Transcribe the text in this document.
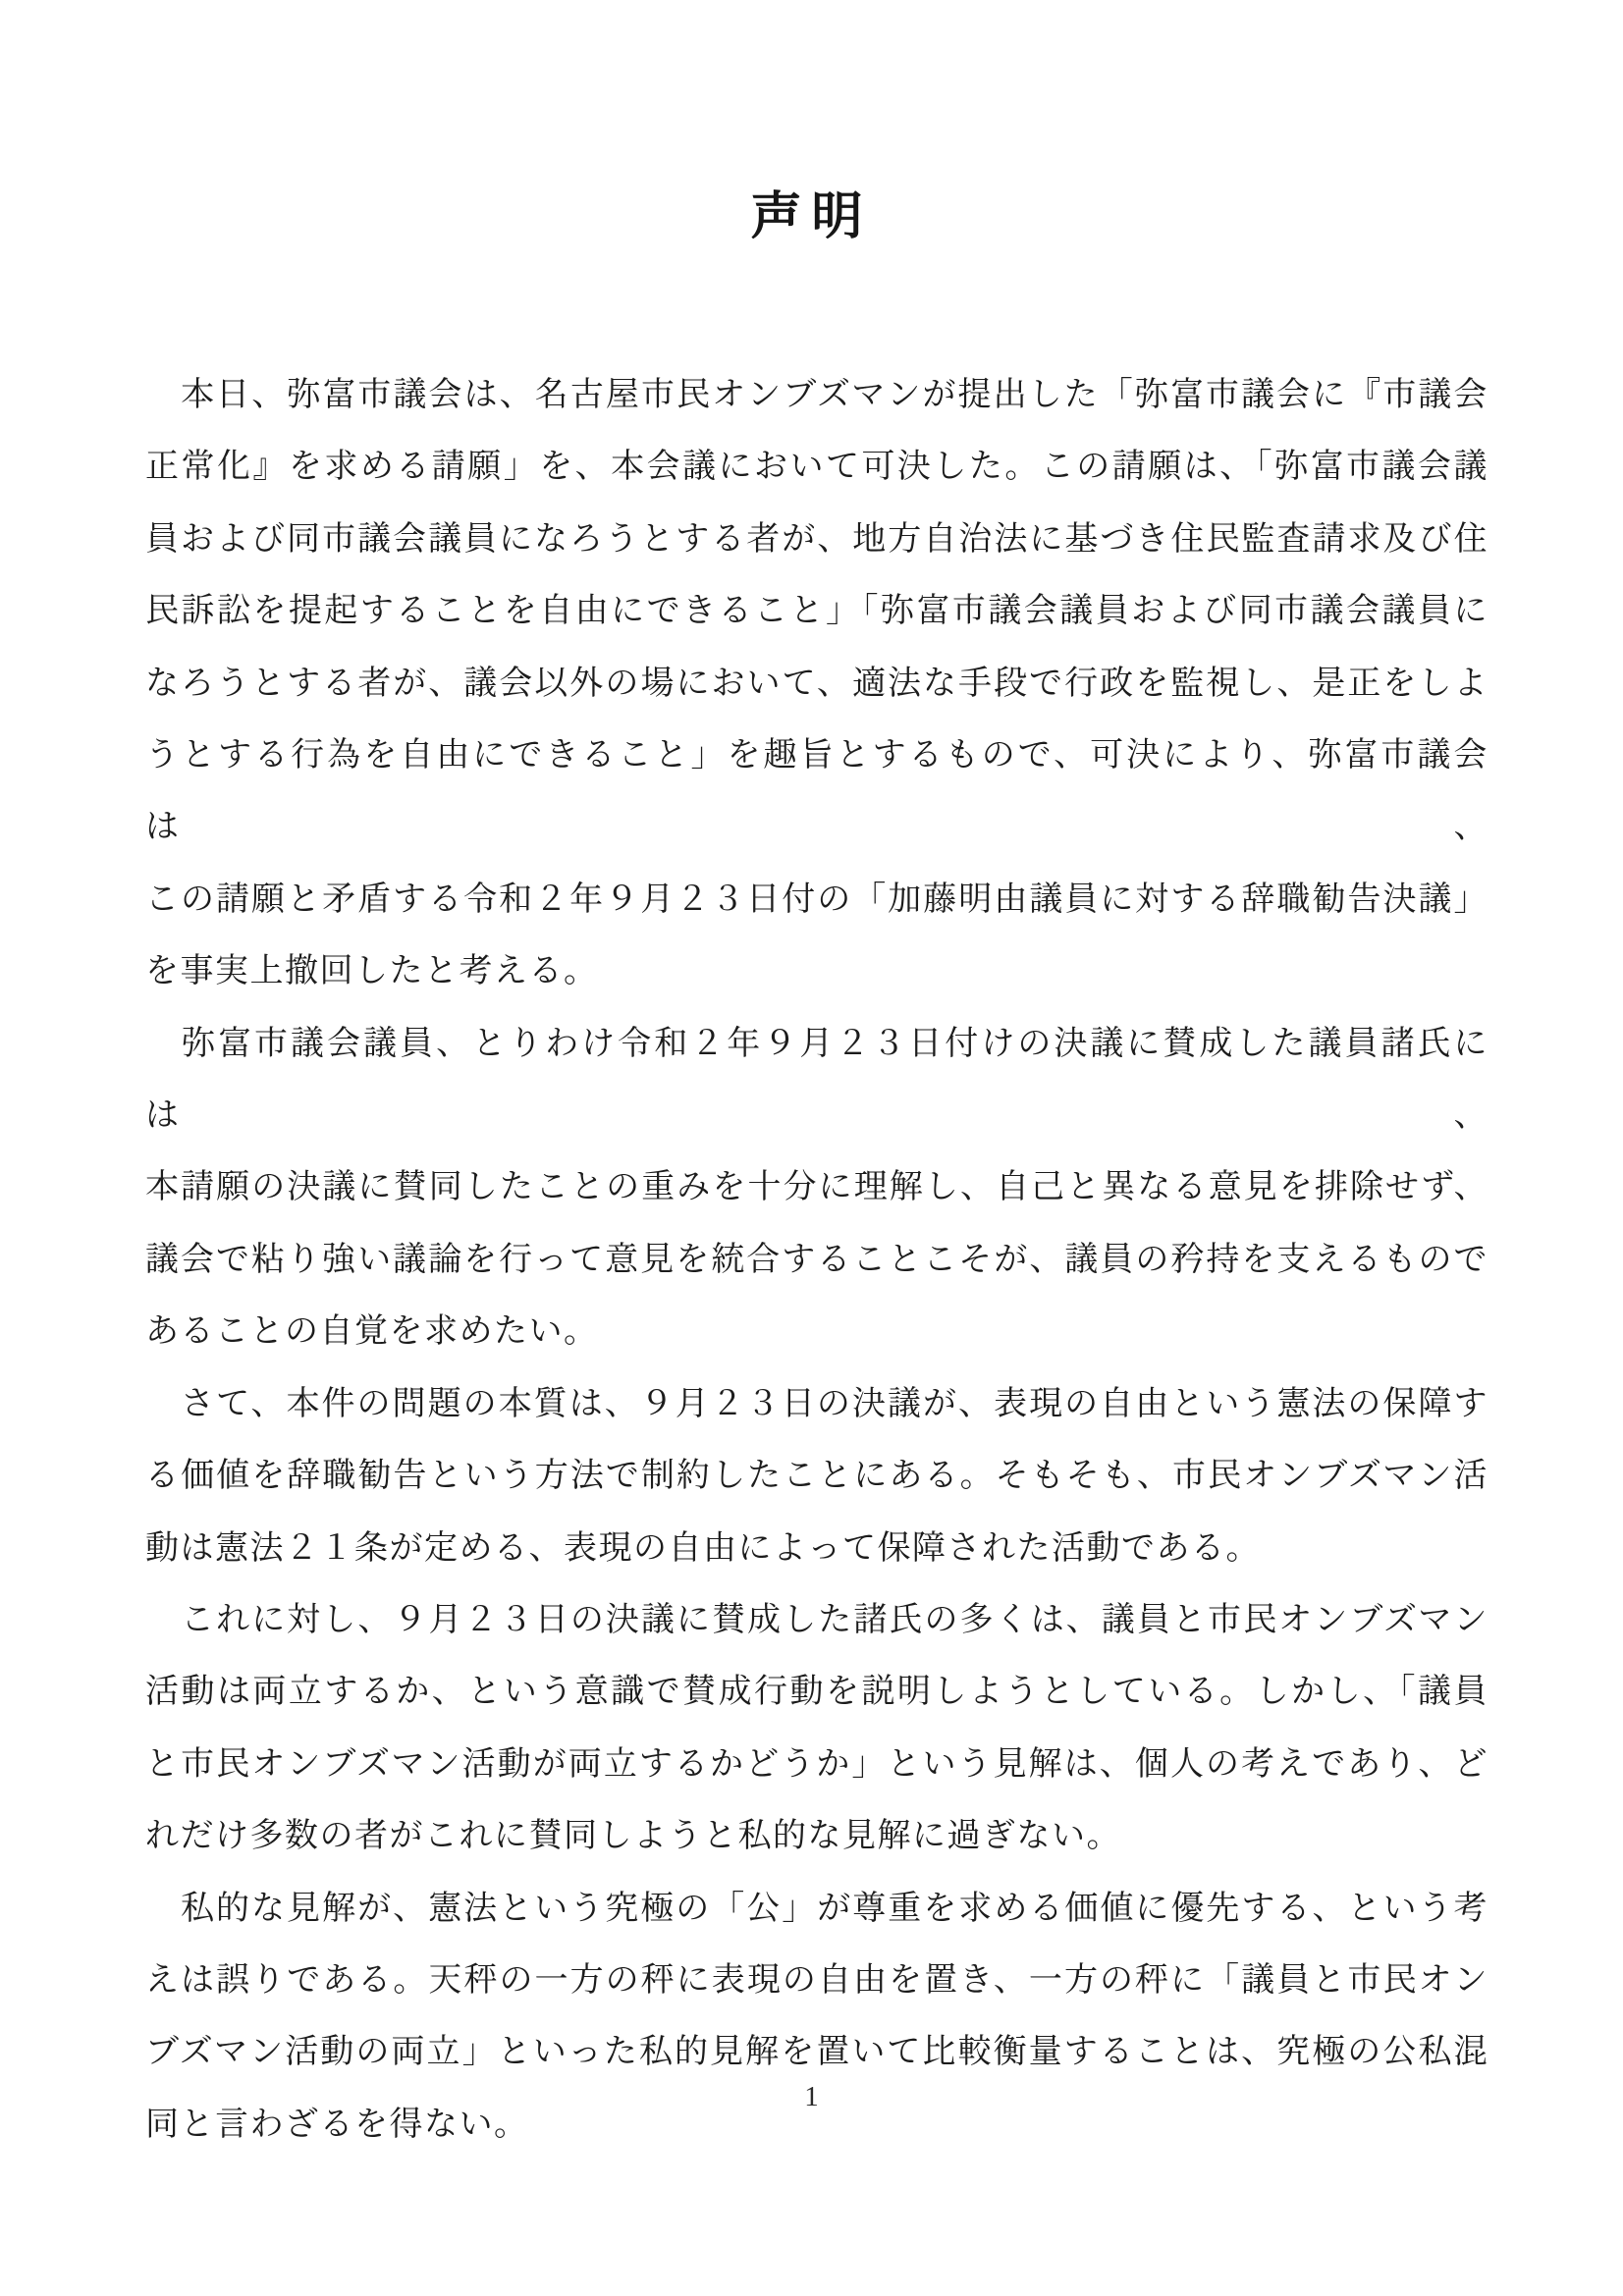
声明
　本日、弥富市議会は、名古屋市民オンブズマンが提出した「弥富市議会に『市議会
正常化』を求める請願」を、本会議において可決した。この請願は、「弥富市議会議
員および同市議会議員になろうとする者が、地方自治法に基づき住民監査請求及び住
民訴訟を提起することを自由にできること」「弥富市議会議員および同市議会議員に
なろうとする者が、議会以外の場において、適法な手段で行政を監視し、是正をしよ
うとする行為を自由にできること」を趣旨とするもので、可決により、弥富市議会は、
この請願と矛盾する令和２年９月２３日付の「加藤明由議員に対する辞職勧告決議」
を事実上撤回したと考える。
　弥富市議会議員、とりわけ令和２年９月２３日付けの決議に賛成した議員諸氏には、
本請願の決議に賛同したことの重みを十分に理解し、自己と異なる意見を排除せず、
議会で粘り強い議論を行って意見を統合することこそが、議員の矜持を支えるもので
あることの自覚を求めたい。
　さて、本件の問題の本質は、９月２３日の決議が、表現の自由という憲法の保障す
る価値を辞職勧告という方法で制約したことにある。そもそも、市民オンブズマン活
動は憲法２１条が定める、表現の自由によって保障された活動である。
　これに対し、９月２３日の決議に賛成した諸氏の多くは、議員と市民オンブズマン
活動は両立するか、という意識で賛成行動を説明しようとしている。しかし、「議員
と市民オンブズマン活動が両立するかどうか」という見解は、個人の考えであり、ど
れだけ多数の者がこれに賛同しようと私的な見解に過ぎない。
　私的な見解が、憲法という究極の「公」が尊重を求める価値に優先する、という考
えは誤りである。天秤の一方の秤に表現の自由を置き、一方の秤に「議員と市民オン
ブズマン活動の両立」といった私的見解を置いて比較衡量することは、究極の公私混
同と言わざるを得ない。
1
